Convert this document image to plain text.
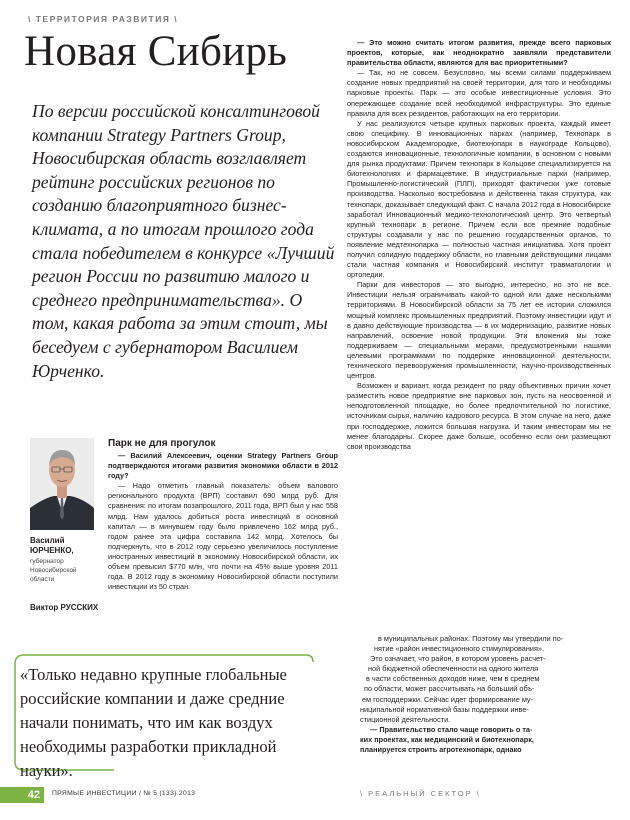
\ ТЕРРИТОРИЯ РАЗВИТИЯ \
Новая Сибирь

По версии российской консалтинговой компании Strategy Partners Group, Новосибирская область возглавляет рейтинг российских регионов по созданию благоприятного бизнес-климата, а по итогам прошлого года стала победителем в конкурсе «Лучший регион России по развитию малого и среднего предпринимательства». О том, какая работа за этим стоит, мы беседуем с губернатором Василием Юрченко.

Василий ЮРЧЕНКО,
губернатор Новосибирской области
Виктор РУССКИХ
Парк не для прогулок

— Василий Алексеевич, оценки Strategy Partners Group подтверждаются итогами развития экономики области в 2012 году?

— Надо отметить главный показатель: объем валового регионального продукта (ВРП) составил 690 млрд руб. Для сравнения: по итогам позапрошлого, 2011 года, ВРП был у нас 558 млрд. Нам удалось добиться роста инвестиций в основной капитал — в минувшем году было привлечено 162 млрд руб., годом ранее эта цифра составила 142 млрд. Хотелось бы подчеркнуть, что в 2012 году серьезно увеличилось поступление иностранных инвестиций в экономику Новосибирской области, их объем превысил $770 млн, что почти на 45% выше уровня 2011 года. В 2012 году в экономику Новосибирской области поступили инвестиции из 50 стран.

— Это можно считать итогом развития, прежде всего парковых проектов, которые, как неоднократно заявляли представители правительства области, являются для вас приоритетными?

— Так, но не совсем. Безусловно, мы всеми силами поддерживаем создание новых предприятий на своей территории, для того и необходимы парковые проекты. Парк — это особые инвестиционные условия. Это опережающее создание всей необходимой инфраструктуры. Это единые правила для всех резидентов, работающих на его территории.

У нас реализуются четыре крупных парковых проекта, каждый имеет свою специфику. В инновационных парках (например, Технопарк в новосибирском Академгородке, биотехнопарк в наукограде Кольцово), создаются инновационные, технологичные компании, в основном с новыми для рынка продуктами. Причем технопарк в Кольцове специализируется на биотехнологиях и фармацевтике. В индустриальные парки (например, Промышленно-логистический (ПЛП), приходят фактически уже готовые производства. Насколько востребована и действенна такая структура, как технопарк, доказывает следующий факт. С начала 2012 года в Новосибирске заработал Инновационный медико-технологический центр. Это четвертый крупный технопарк в регионе. Причем если все прежние подобные структуры создавали у нас по решению государственных органов, то появление медтехнопарка — полностью частная инициатива. Хотя проект получил солидную поддержку области, но главными действующими лицами стали частная компания и Новосибирский институт травматологии и ортопедии.

Парки для инвесторов — это выгодно, интересно, но это не все. Инвестиции нельзя ограничивать какой-то одной или даже несколькими территориями. В Новосибирской области за 75 лет ее истории сложился мощный комплекс промышленных предприятий. Поэтому инвестиции идут и в давно действующие производства — в их модернизацию, развитие новых направлений, освоение новой продукции. Эти вложения мы тоже поддерживаем — специальными мерами, предусмотренными нашими целевыми программами по поддержке инновационной деятельности, технического перевооружения промышленности, научно-производственных центров.

Возможен и вариант, когда резидент по ряду объективных причин хочет разместить новое предприятие вне парковых зон, пусть на неосвоенной и неподготовленной площадке, но более предпочтительной по логистике, источникам сырья, наличию кадрового ресурса. В этом случае на него, даже при господдержке, ложится большая нагрузка. И таким инвесторам мы не менее благодарны. Скорее даже больше, особенно если они размещают свои производства

«Только недавно крупные глобальные российские компании и даже средние начали понимать, что им как воздух необходимы разработки прикладной науки».
в муниципальных районах. Поэтому мы утвердили по-
нятие «район инвестиционного стимулирования».
Это означает, что район, в котором уровень расчет-
ной бюджетной обеспеченности на одного жителя
в части собственных доходов ниже, чем в среднем
по области, может рассчитывать на больший объ-
ем господдержки. Сейчас идет формирование му-
ниципальной нормативной базы поддержки инве-
стиционной деятельности.
— Правительство стало чаще говорить о та-
ких проектах, как медицинский и биотехнопарк,
планируется строить агротехнопарк, однако
42	ПРЯМЫЕ ИНВЕСТИЦИИ / № 5 (133) 2013	\ РЕАЛЬНЫЙ СЕКТОР \
